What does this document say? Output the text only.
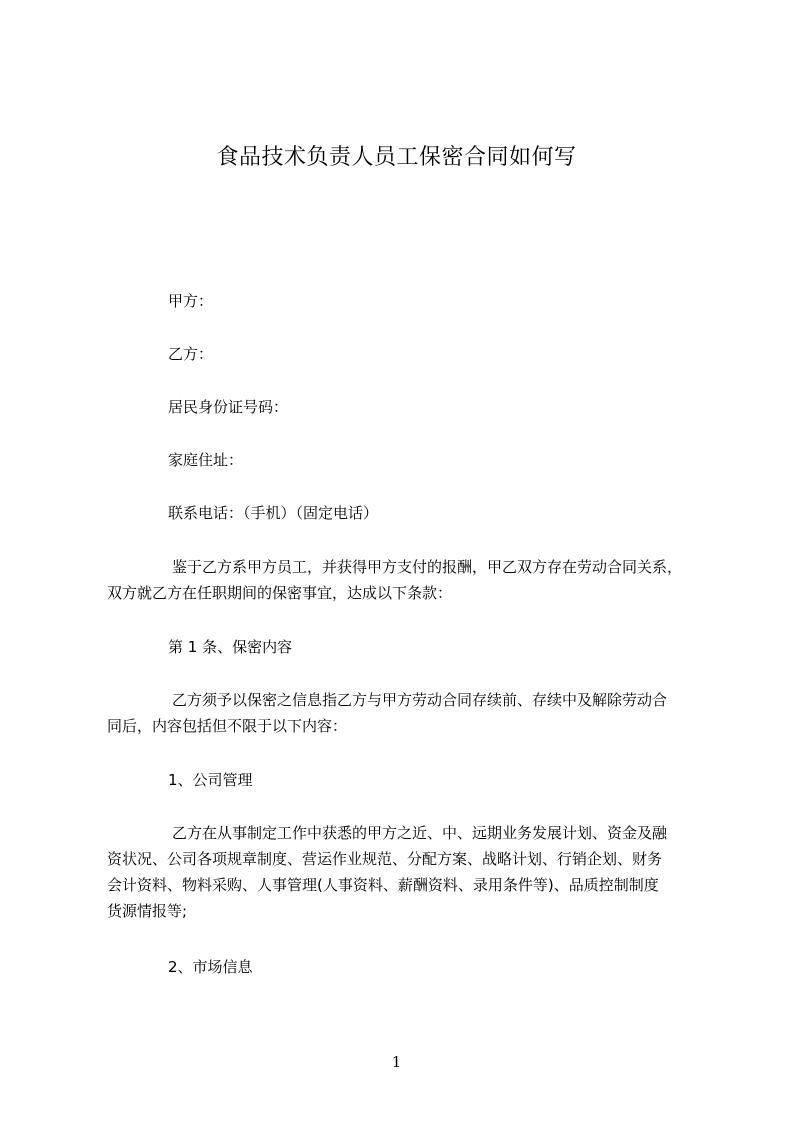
食品技术负责人员工保密合同如何写
甲方：
乙方：
居民身份证号码：
家庭住址：
联系电话：（手机）（固定电话）
鉴于乙方系甲方员工，并获得甲方支付的报酬，甲乙双方存在劳动合同关系，
双方就乙方在任职期间的保密事宜，达成以下条款：
第 1 条、保密内容
乙方须予以保密之信息指乙方与甲方劳动合同存续前、存续中及解除劳动合
同后，内容包括但不限于以下内容：
1、公司管理
乙方在从事制定工作中获悉的甲方之近、中、远期业务发展计划、资金及融
资状况、公司各项规章制度、营运作业规范、分配方案、战略计划、行销企划、财务
会计资料、物料采购、人事管理(人事资料、薪酬资料、录用条件等)、品质控制制度
货源情报等;
2、市场信息
1
